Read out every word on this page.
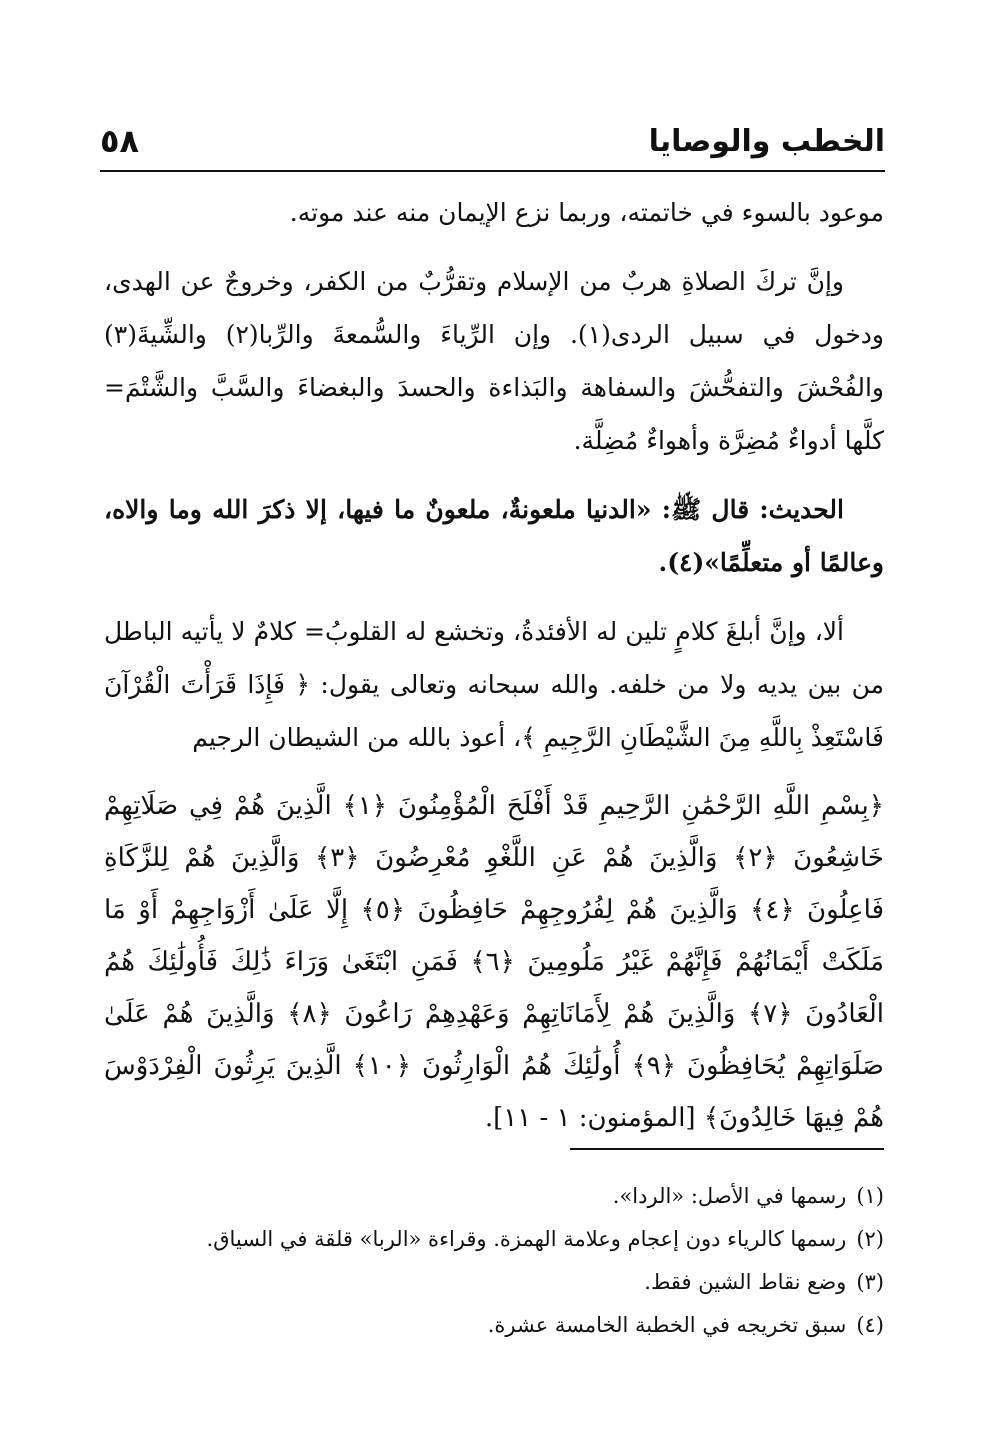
٥٨	الخطب والوصايا

موعود بالسوء في خاتمته، وربما نزع الإيمان منه عند موته.

وإنَّ تركَ الصلاةِ هربٌ من الإسلام وتقرُّبٌ من الكفر، وخروجٌ عن الهدى، ودخول في سبيل الردى(١). وإن الرِّياءَ والسُّمعةَ والرِّبا(٢) والشِّيةَ(٣) والفُحْشَ والتفحُّشَ والسفاهة والبَذاءة والحسدَ والبغضاءَ والسَّبَّ والشَّتْمَ= كلَّها أدواءٌ مُضِرَّة وأهواءٌ مُضِلَّة.

الحديث: قال ﷺ: «الدنيا ملعونةٌ، ملعونٌ ما فيها، إلا ذكرَ الله وما والاه، وعالمًا أو متعلِّمًا»(٤).

ألا، وإنَّ أبلغَ كلامٍ تلين له الأفئدةُ، وتخشع له القلوبُ= كلامٌ لا يأتيه الباطل من بين يديه ولا من خلفه. والله سبحانه وتعالى يقول: ﴿ فَإِذَا قَرَأْتَ الْقُرْآنَ فَاسْتَعِذْ بِاللَّهِ مِنَ الشَّيْطَانِ الرَّجِيمِ ﴾، أعوذ بالله من الشيطان الرجيم

﴿بِسْمِ اللَّهِ الرَّحْمَٰنِ الرَّحِيمِ قَدْ أَفْلَحَ الْمُؤْمِنُونَ ﴿١﴾ الَّذِينَ هُمْ فِي صَلَاتِهِمْ خَاشِعُونَ ﴿٢﴾ وَالَّذِينَ هُمْ عَنِ اللَّغْوِ مُعْرِضُونَ ﴿٣﴾ وَالَّذِينَ هُمْ لِلزَّكَاةِ فَاعِلُونَ ﴿٤﴾ وَالَّذِينَ هُمْ لِفُرُوجِهِمْ حَافِظُونَ ﴿٥﴾ إِلَّا عَلَىٰ أَزْوَاجِهِمْ أَوْ مَا مَلَكَتْ أَيْمَانُهُمْ فَإِنَّهُمْ غَيْرُ مَلُومِينَ ﴿٦﴾ فَمَنِ ابْتَغَىٰ وَرَاءَ ذَٰلِكَ فَأُولَٰئِكَ هُمُ الْعَادُونَ ﴿٧﴾ وَالَّذِينَ هُمْ لِأَمَانَاتِهِمْ وَعَهْدِهِمْ رَاعُونَ ﴿٨﴾ وَالَّذِينَ هُمْ عَلَىٰ صَلَوَاتِهِمْ يُحَافِظُونَ ﴿٩﴾ أُولَٰئِكَ هُمُ الْوَارِثُونَ ﴿١٠﴾ الَّذِينَ يَرِثُونَ الْفِرْدَوْسَ هُمْ فِيهَا خَالِدُونَ﴾ [المؤمنون: ١ - ١١].

(١)رسمها في الأصل: «الردا».

(٢)رسمها كالرياء دون إعجام وعلامة الهمزة. وقراءة «الربا» قلقة في السياق.

(٣)وضع نقاط الشين فقط.

(٤)سبق تخريجه في الخطبة الخامسة عشرة.
